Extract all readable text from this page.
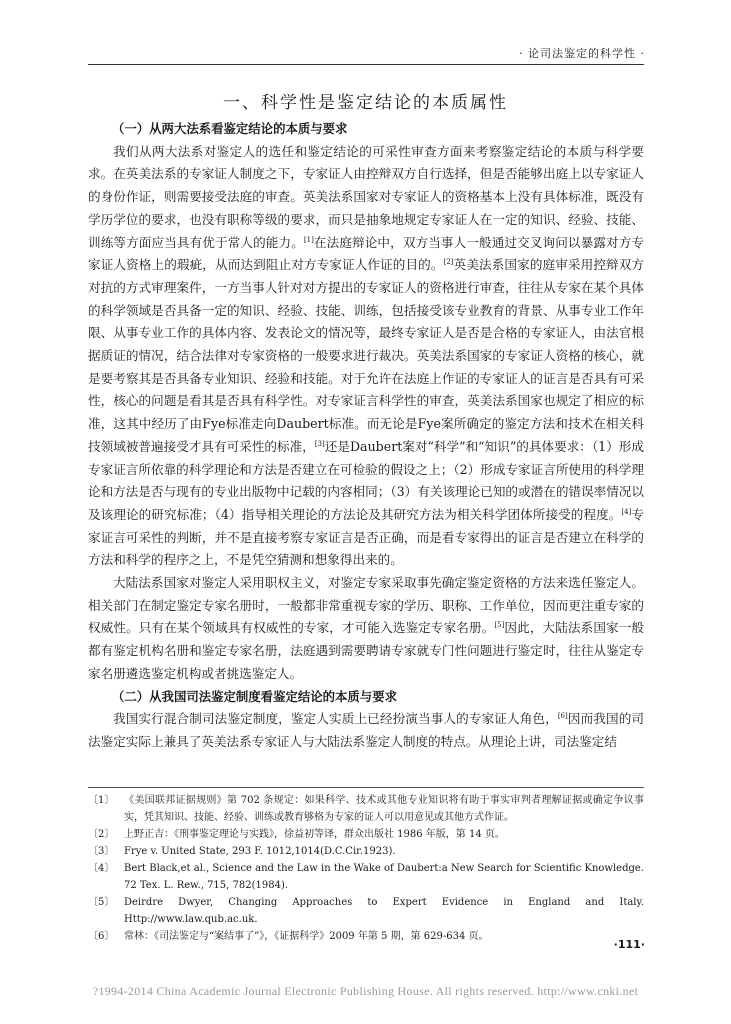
· 论司法鉴定的科学性 ·
一、科学性是鉴定结论的本质属性
（一）从两大法系看鉴定结论的本质与要求

我们从两大法系对鉴定人的选任和鉴定结论的可采性审查方面来考察鉴定结论的本质与科学要求。在英美法系的专家证人制度之下，专家证人由控辩双方自行选择，但是否能够出庭上以专家证人的身份作证，则需要接受法庭的审查。英美法系国家对专家证人的资格基本上没有具体标准，既没有学历学位的要求，也没有职称等级的要求，而只是抽象地规定专家证人在一定的知识、经验、技能、训练等方面应当具有优于常人的能力。[1]在法庭辩论中，双方当事人一般通过交叉询问以暴露对方专家证人资格上的瑕疵，从而达到阻止对方专家证人作证的目的。[2]英美法系国家的庭审采用控辩双方对抗的方式审理案件，一方当事人针对对方提出的专家证人的资格进行审查，往往从专家在某个具体的科学领域是否具备一定的知识、经验、技能、训练，包括接受该专业教育的背景、从事专业工作年限、从事专业工作的具体内容、发表论文的情况等，最终专家证人是否是合格的专家证人，由法官根据质证的情况，结合法律对专家资格的一般要求进行裁决。英美法系国家的专家证人资格的核心，就是要考察其是否具备专业知识、经验和技能。对于允许在法庭上作证的专家证人的证言是否具有可采性，核心的问题是看其是否具有科学性。对专家证言科学性的审查，英美法系国家也规定了相应的标准，这其中经历了由Fye标准走向Daubert标准。而无论是Fye案所确定的鉴定方法和技术在相关科技领域被普遍接受才具有可采性的标准，[3]还是Daubert案对“科学”和“知识”的具体要求：（1）形成专家证言所依靠的科学理论和方法是否建立在可检验的假设之上；（2）形成专家证言所使用的科学理论和方法是否与现有的专业出版物中记载的内容相同；（3）有关该理论已知的或潜在的错误率情况以及该理论的研究标准；（4）指导相关理论的方法论及其研究方法为相关科学团体所接受的程度。[4]专家证言可采性的判断，并不是直接考察专家证言是否正确，而是看专家得出的证言是否建立在科学的方法和科学的程序之上，不是凭空猜测和想象得出来的。

大陆法系国家对鉴定人采用职权主义，对鉴定专家采取事先确定鉴定资格的方法来选任鉴定人。相关部门在制定鉴定专家名册时，一般都非常重视专家的学历、职称、工作单位，因而更注重专家的权威性。只有在某个领域具有权威性的专家，才可能入选鉴定专家名册。[5]因此，大陆法系国家一般都有鉴定机构名册和鉴定专家名册，法庭遇到需要聘请专家就专门性问题进行鉴定时，往往从鉴定专家名册遴选鉴定机构或者挑选鉴定人。

（二）从我国司法鉴定制度看鉴定结论的本质与要求

我国实行混合制司法鉴定制度，鉴定人实质上已经扮演当事人的专家证人角色，[6]因而我国的司法鉴定实际上兼具了英美法系专家证人与大陆法系鉴定人制度的特点。从理论上讲，司法鉴定结

〔1〕 《美国联邦证据规则》第 702 条规定：如果科学、技术或其他专业知识将有助于事实审判者理解证据或确定争议事实，凭其知识、技能、经验、训练或教育够格为专家的证人可以用意见或其他方式作证。
〔2〕 上野正吉：《刑事鉴定理论与实践》，徐益初等译，群众出版社 1986 年版，第 14 页。
〔3〕 Frye v. United State, 293 F. 1012,1014(D.C.Cir.1923).
〔4〕 Bert Black,et al., Science and the Law in the Wake of Daubert:a New Search for Scientific Knowledge. 72 Tex. L. Rew., 715, 782(1984).
〔5〕 Deirdre Dwyer, Changing Approaches to Expert Evidence in England and Italy. Http://www.law.qub.ac.uk.
〔6〕 常林：《司法鉴定与“案结事了”》，《证据科学》2009 年第 5 期，第 629-634 页。
·111·
?1994-2014 China Academic Journal Electronic Publishing House. All rights reserved. http://www.cnki.net
